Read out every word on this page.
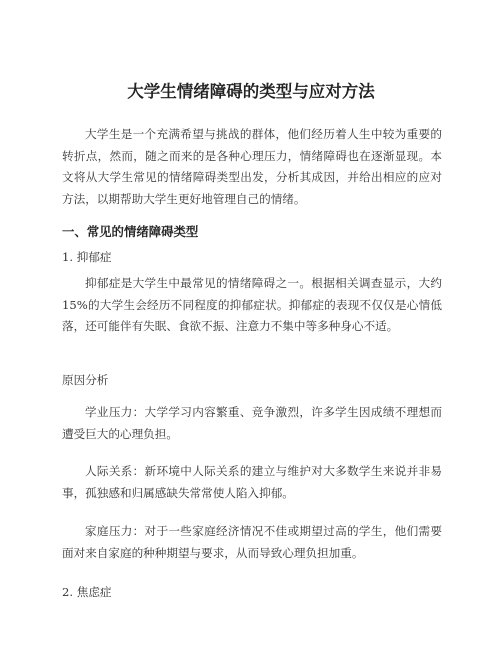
大学生情绪障碍的类型与应对方法

大学生是一个充满希望与挑战的群体，他们经历着人生中较为重要的转折点，然而，随之而来的是各种心理压力，情绪障碍也在逐渐显现。本文将从大学生常见的情绪障碍类型出发，分析其成因，并给出相应的应对方法，以期帮助大学生更好地管理自己的情绪。

一、常见的情绪障碍类型

1. 抑郁症

抑郁症是大学生中最常见的情绪障碍之一。根据相关调查显示，大约15%的大学生会经历不同程度的抑郁症状。抑郁症的表现不仅仅是心情低落，还可能伴有失眠、食欲不振、注意力不集中等多种身心不适。

原因分析

学业压力：大学学习内容繁重、竞争激烈，许多学生因成绩不理想而遭受巨大的心理负担。

人际关系：新环境中人际关系的建立与维护对大多数学生来说并非易事，孤独感和归属感缺失常常使人陷入抑郁。

家庭压力：对于一些家庭经济情况不佳或期望过高的学生，他们需要面对来自家庭的种种期望与要求，从而导致心理负担加重。

2. 焦虑症
